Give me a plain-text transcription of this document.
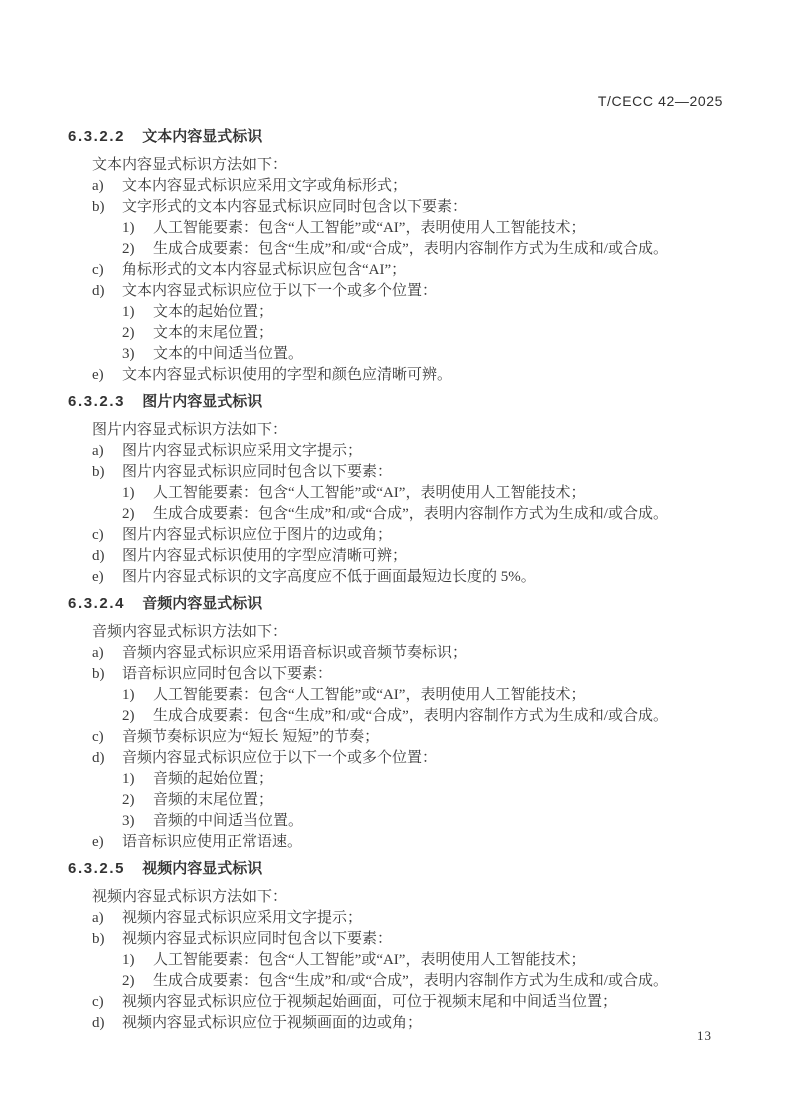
T/CECC 42—2025
6.3.2.2 文本内容显式标识

文本内容显式标识方法如下：

a) 文本内容显式标识应采用文字或角标形式；
b) 文字形式的文本内容显式标识应同时包含以下要素：
1) 人工智能要素：包含“人工智能”或“AI”，表明使用人工智能技术；
2) 生成合成要素：包含“生成”和/或“合成”，表明内容制作方式为生成和/或合成。
c) 角标形式的文本内容显式标识应包含“AI”；
d) 文本内容显式标识应位于以下一个或多个位置：
1) 文本的起始位置；
2) 文本的末尾位置；
3) 文本的中间适当位置。
e) 文本内容显式标识使用的字型和颜色应清晰可辨。
6.3.2.3 图片内容显式标识

图片内容显式标识方法如下：

a) 图片内容显式标识应采用文字提示；
b) 图片内容显式标识应同时包含以下要素：
1) 人工智能要素：包含“人工智能”或“AI”，表明使用人工智能技术；
2) 生成合成要素：包含“生成”和/或“合成”，表明内容制作方式为生成和/或合成。
c) 图片内容显式标识应位于图片的边或角；
d) 图片内容显式标识使用的字型应清晰可辨；
e) 图片内容显式标识的文字高度应不低于画面最短边长度的 5%。
6.3.2.4 音频内容显式标识

音频内容显式标识方法如下：

a) 音频内容显式标识应采用语音标识或音频节奏标识；
b) 语音标识应同时包含以下要素：
1) 人工智能要素：包含“人工智能”或“AI”，表明使用人工智能技术；
2) 生成合成要素：包含“生成”和/或“合成”，表明内容制作方式为生成和/或合成。
c) 音频节奏标识应为“短长 短短”的节奏；
d) 音频内容显式标识应位于以下一个或多个位置：
1) 音频的起始位置；
2) 音频的末尾位置；
3) 音频的中间适当位置。
e) 语音标识应使用正常语速。
6.3.2.5 视频内容显式标识

视频内容显式标识方法如下：

a) 视频内容显式标识应采用文字提示；
b) 视频内容显式标识应同时包含以下要素：
1) 人工智能要素：包含“人工智能”或“AI”，表明使用人工智能技术；
2) 生成合成要素：包含“生成”和/或“合成”，表明内容制作方式为生成和/或合成。
c) 视频内容显式标识应位于视频起始画面，可位于视频末尾和中间适当位置；
d) 视频内容显式标识应位于视频画面的边或角；
13
